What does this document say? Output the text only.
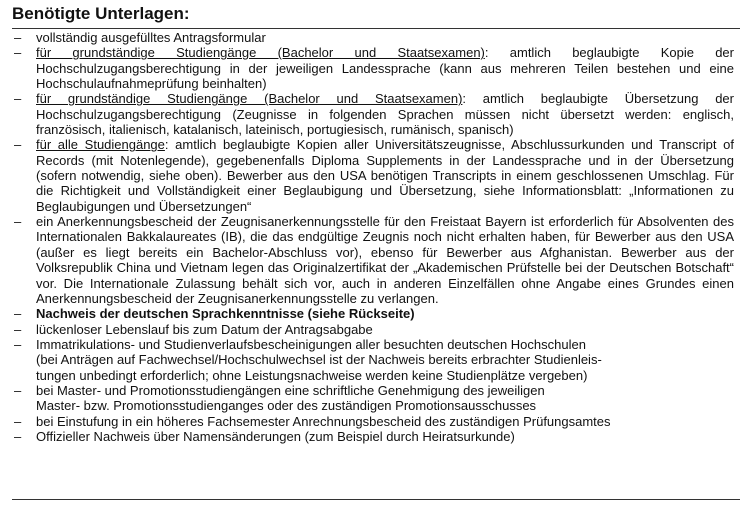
Benötigte Unterlagen:
– vollständig ausgefülltes Antragsformular
– für grundständige Studiengänge (Bachelor und Staatsexamen): amtlich beglaubigte Kopie der Hochschulzugangsberechtigung in der jeweiligen Landessprache (kann aus mehreren Teilen bestehen und eine Hochschulaufnahmeprüfung beinhalten)
– für grundständige Studiengänge (Bachelor und Staatsexamen): amtlich beglaubigte Übersetzung der Hochschulzugangsberechtigung (Zeugnisse in folgenden Sprachen müssen nicht übersetzt werden: englisch, französisch, italienisch, katalanisch, lateinisch, portugiesisch, rumänisch, spanisch)
– für alle Studiengänge: amtlich beglaubigte Kopien aller Universitätszeugnisse, Abschlussurkunden und Transcript of Records (mit Notenlegende), gegebenenfalls Diploma Supplements in der Landessprache und in der Übersetzung (sofern notwendig, siehe oben). Bewerber aus den USA benötigen Transcripts in einem geschlossenen Umschlag. Für die Richtigkeit und Vollständigkeit einer Beglaubigung und Übersetzung, siehe Informationsblatt: „Informationen zu Beglaubigungen und Übersetzungen“
– ein Anerkennungsbescheid der Zeugnisanerkennungsstelle für den Freistaat Bayern ist erforderlich für Absolventen des Internationalen Bakkalaureates (IB), die das endgültige Zeugnis noch nicht erhalten haben, für Bewerber aus den USA (außer es liegt bereits ein Bachelor-Abschluss vor), ebenso für Bewerber aus Afghanistan. Bewerber aus der Volksrepublik China und Vietnam legen das Originalzertifikat der „Akademischen Prüfstelle bei der Deutschen Botschaft“ vor. Die Internationale Zulassung behält sich vor, auch in anderen Einzelfällen ohne Angabe eines Grundes einen Anerkennungsbescheid der Zeugnisanerkennungsstelle zu verlangen.
– Nachweis der deutschen Sprachkenntnisse (siehe Rückseite)
– lückenloser Lebenslauf bis zum Datum der Antragsabgabe
– Immatrikulations- und Studienverlaufsbescheinigungen aller besuchten deutschen Hochschulen
(bei Anträgen auf Fachwechsel/Hochschulwechsel ist der Nachweis bereits erbrachter Studienleis-
tungen unbedingt erforderlich; ohne Leistungsnachweise werden keine Studienplätze vergeben)
– bei Master- und Promotionsstudiengängen eine schriftliche Genehmigung des jeweiligen
Master- bzw. Promotionsstudienganges oder des zuständigen Promotionsausschusses
– bei Einstufung in ein höheres Fachsemester Anrechnungsbescheid des zuständigen Prüfungsamtes
– Offizieller Nachweis über Namensänderungen (zum Beispiel durch Heiratsurkunde)
